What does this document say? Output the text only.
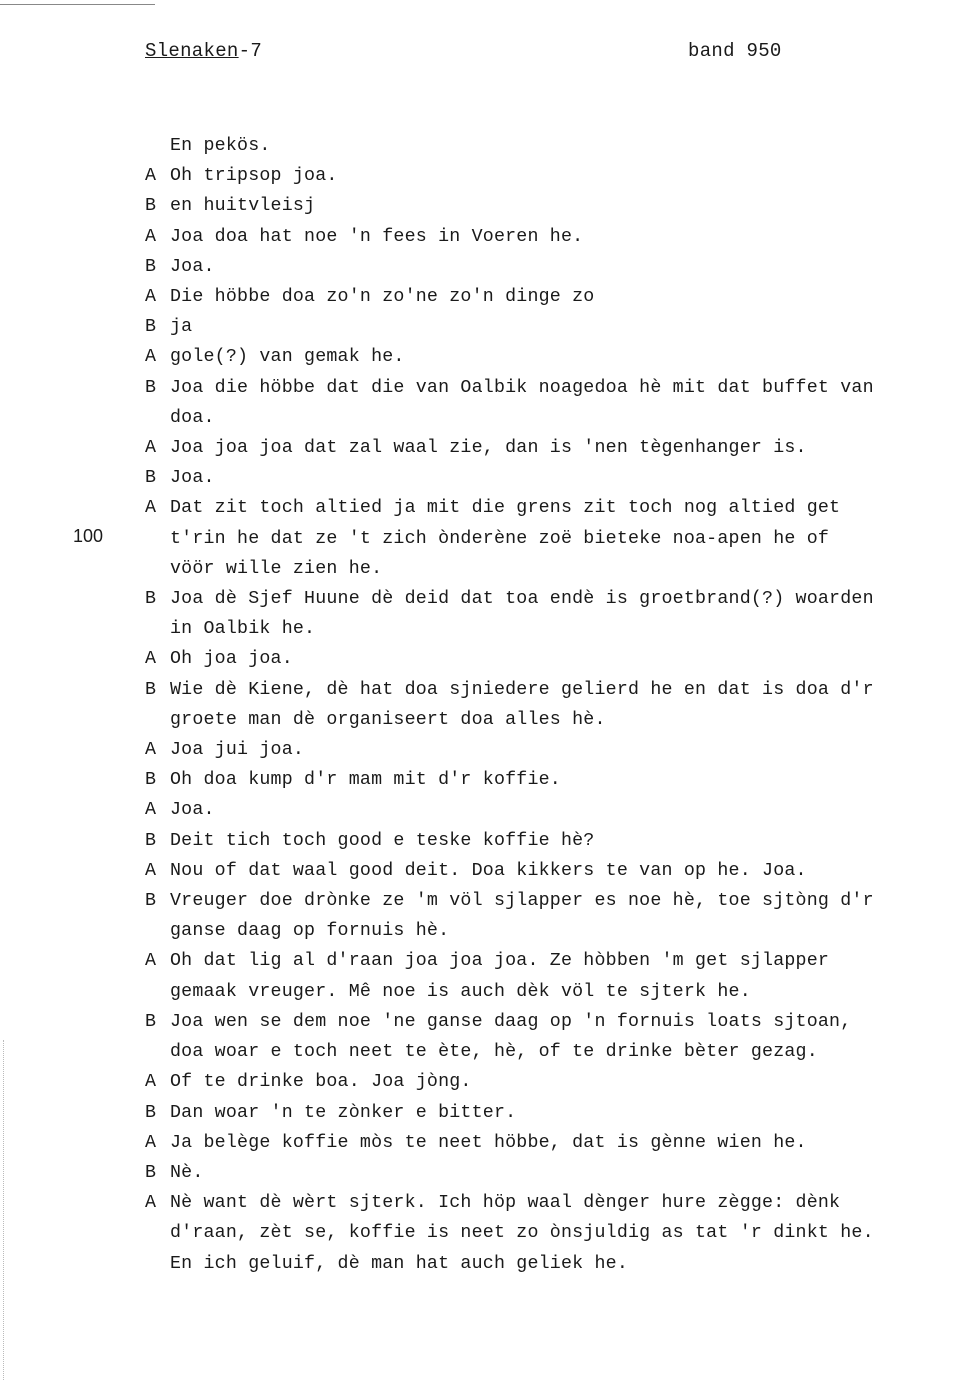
Slenaken-7	band 950
100
En pekös.
A Oh tripsop joa.
B en huitvleisj
A Joa doa hat noe 'n fees in Voeren he.
B Joa.
A Die höbbe doa zo'n zo'ne zo'n dinge zo
B ja
A gole(?) van gemak he.
B Joa die höbbe dat die van Oalbik noagedoa hè mit dat buffet van
doa.
A Joa joa joa dat zal waal zie, dan is 'nen tègenhanger is.
B Joa.
A Dat zit toch altied ja mit die grens zit toch nog altied get
t'rin he dat ze 't zich ònderène zoë bieteke noa-apen he of
vöör wille zien he.
B Joa dè Sjef Huune dè deid dat toa endè is groetbrand(?) woarden
in Oalbik he.
A Oh joa joa.
B Wie dè Kiene, dè hat doa sjniedere gelierd he en dat is doa d'r
groete man dè organiseert doa alles hè.
A Joa jui joa.
B Oh doa kump d'r mam mit d'r koffie.
A Joa.
B Deit tich toch good e teske koffie hè?
A Nou of dat waal good deit. Doa kikkers te van op he. Joa.
B Vreuger doe drònke ze 'm völ sjlapper es noe hè, toe sjtòng d'r
ganse daag op fornuis hè.
A Oh dat lig al d'raan joa joa joa. Ze hòbben 'm get sjlapper
gemaak vreuger. Mê noe is auch dèk völ te sjterk he.
B Joa wen se dem noe 'ne ganse daag op 'n fornuis loats sjtoan,
doa woar e toch neet te ète, hè, of te drinke bèter gezag.
A Of te drinke boa. Joa jòng.
B Dan woar 'n te zònker e bitter.
A Ja belège koffie mòs te neet höbbe, dat is gènne wien he.
B Nè.
A Nè want dè wèrt sjterk. Ich höp waal dènger hure zègge: dènk
d'raan, zèt se, koffie is neet zo ònsjuldig as tat 'r dinkt he.
En ich geluif, dè man hat auch geliek he.
